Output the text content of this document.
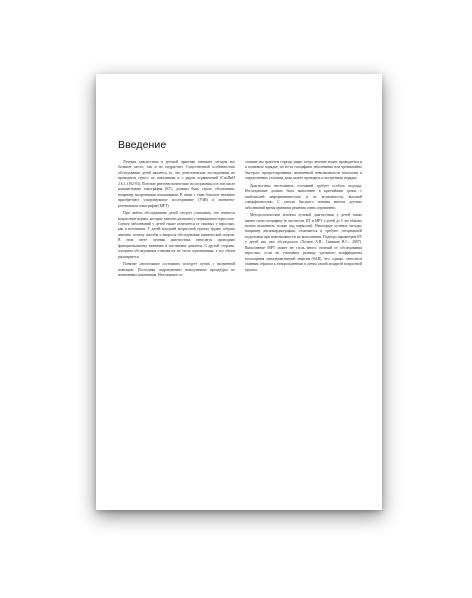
Введение

Лучевая диагностика в детской практике занимает сегодня все большее место, так и не подрастает. Существенной особенностью обследования детей является то, что рентгеновские исследования не проводятся строго по показаниям и с рядом ограничений (СанПиН 2.6.1.1192-03). Поэтому рентгенологические исследования, и в том числе компьютерная томография (КТ), должны быть строго обоснованы, например экстренными показаниями. В связи с этим большое значение приобретают ультразвуковое исследование (УЗИ) и магнитно-резонансная томография (МРТ).

При любом обследовании детей следует учитывать, что имеются возрастные нормы, которые заметно различны у нормального взрослого. Спектр заболеваний у детей также отличается от таковых у взрослых, как и источники. У детей младшей возрастной группы трудно собрать анамнез, почему жалобы и вопросы обследования клинической модели. В этом свете лучевая диагностика относится проводимо функциональному значению в постановке диагноза. С другой стороны, алгоритм обследования становится не столь однозначным, а его объем расширяется.

Понятие «неотложное состояние» вследует путать с экстренной помощью. Последняя подразумевает немедленные процедуры по жизненным показаниям. Неотложное со-

стояние мы трактуем гораздо шире, когда лечение может проводиться и в плановом порядке, но из-за специфики заболевания или чрезвычайно быстрого прогрессирования, неизменной невозможности патологии в определенных условиях даже может проводить и экстренном порядке.

Диагностика неотложных состояний требует особого подхода. Исследование должно быть выполнено в кратчайшие сроки, с наибольшей информативностью и по возможности, высокой специфичностью. С учетом быстрого течения многих детских заболеваний время принятия решения очень ограничено.

Методологические аспекты лучевой диагностики у детей также имеют свою специфику (в частности, КТ и МРТ у детей до 5 лет обычно можно выполнить только под наркозом). Некоторые лучевые методы, например ангиокардиография, отличаются и требуют специальной подготовки при невозможности их выполнения. Подбора параметров КТ у детей как уже обсуждалось (Хозаев А.В., Синяков В.С., 2007). Выполнение МРТ может не столь много отличий от обследования взрослых, если не учитывать разницу удельного коэффициента поглощения электромагнитной энергии (SAR), что, однако, относится главным образом к новорожденным и детям самой младшей возрастной группы.
